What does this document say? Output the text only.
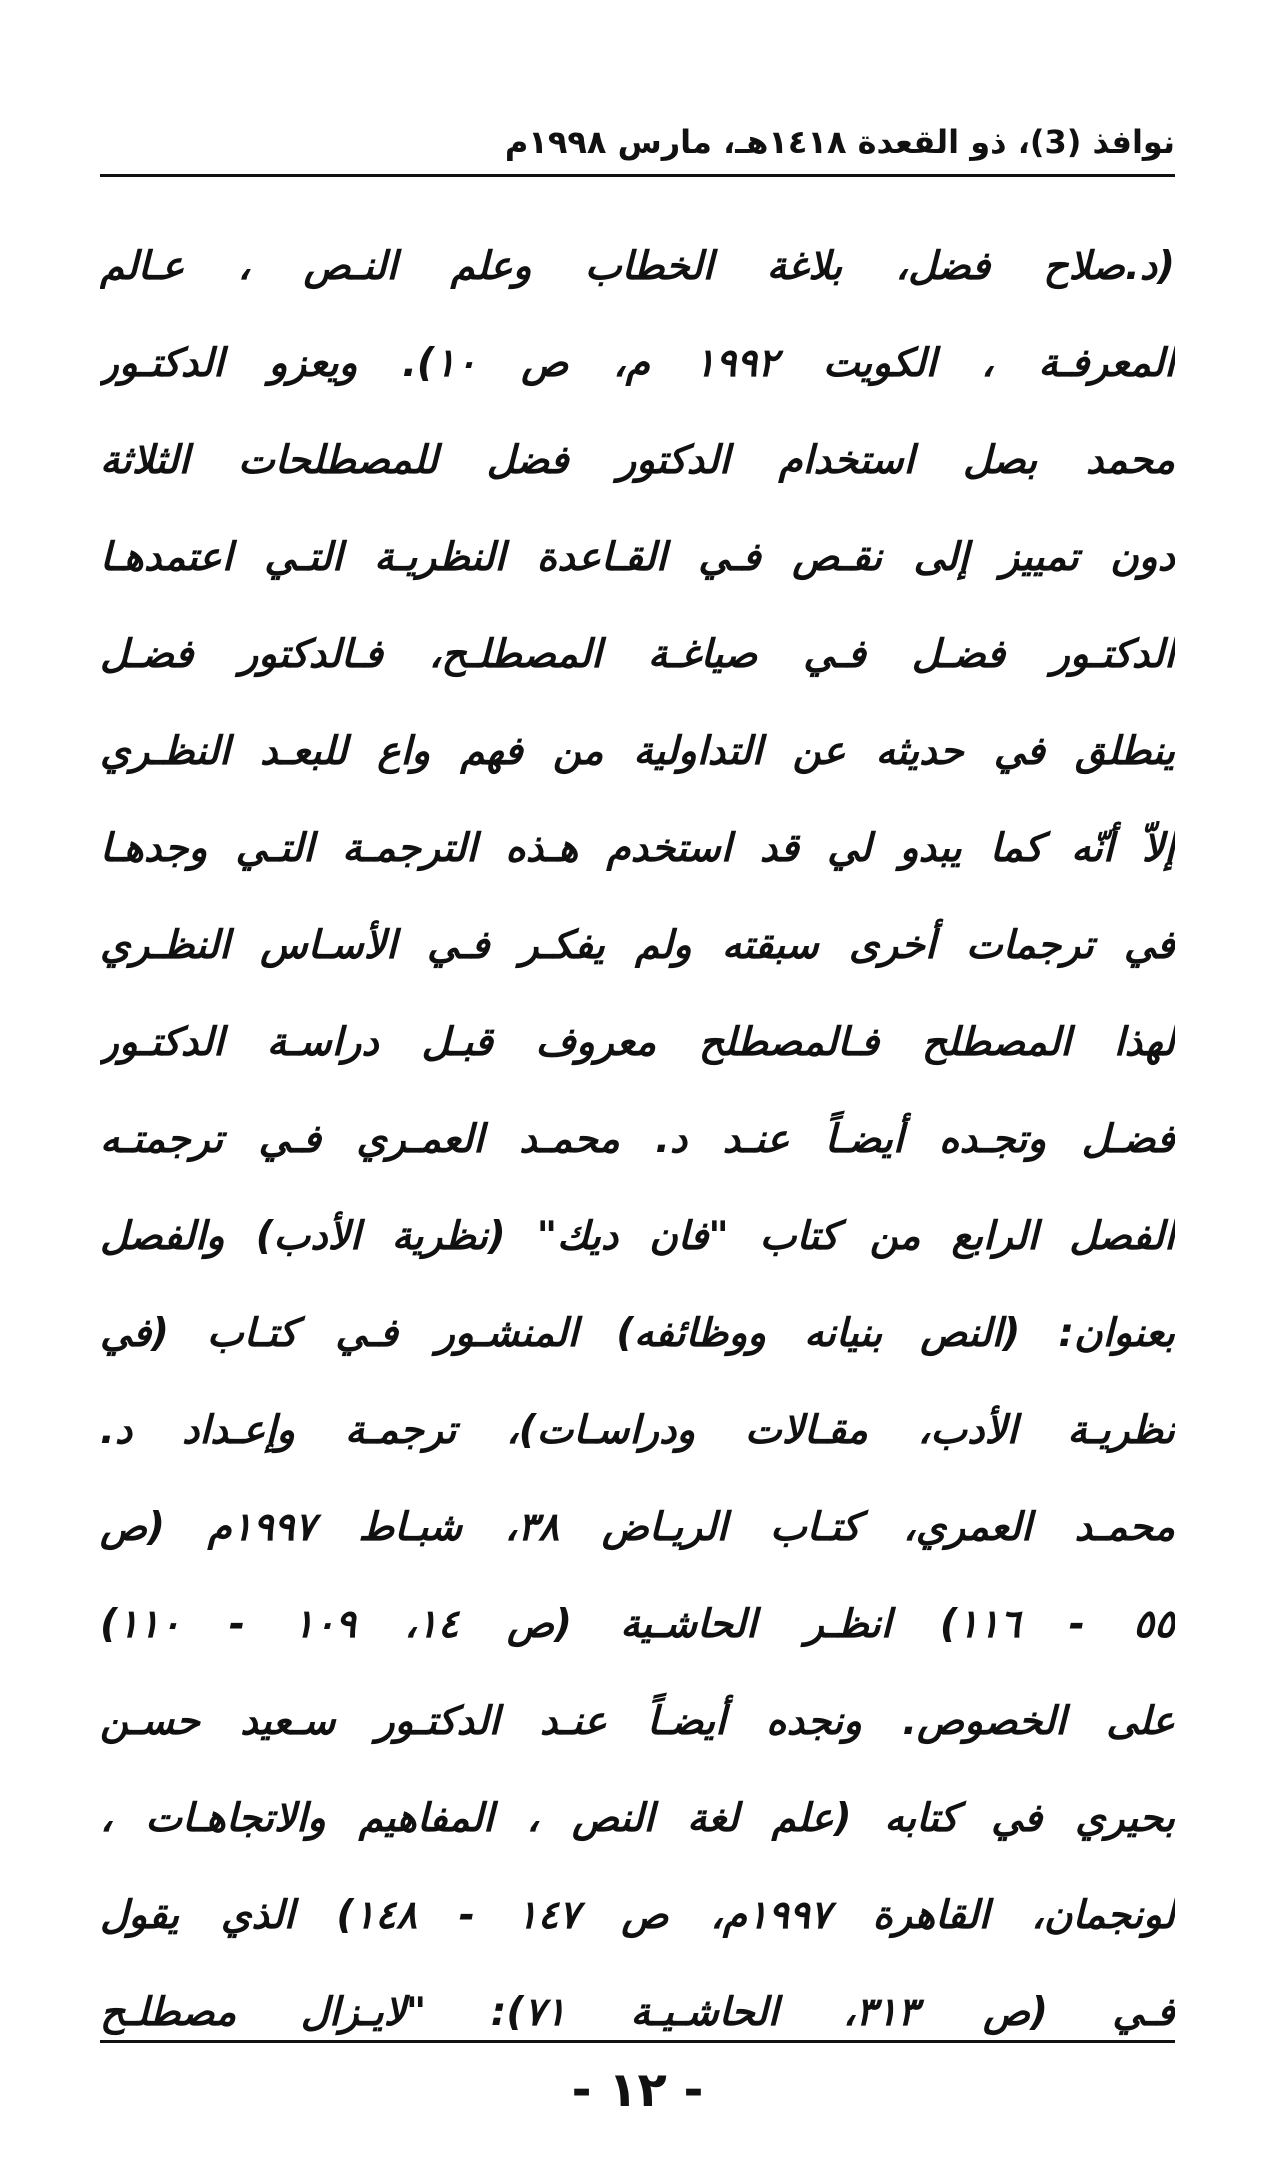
نوافذ (3)، ذو القعدة ١٤١٨هـ، مارس ١٩٩٨م
(د.صلاح فضل، بلاغة الخطاب وعلم النـص ، عـالم
المعرفـة ، الكويت ١٩٩٢ م، ص ١٠). ويعزو الدكتـور
محمد بصل استخدام الدكتور فضل للمصطلحات الثلاثة
دون تمييز إلى نقـص فـي القـاعدة النظريـة التـي اعتمدهـا
الدكتـور فضـل فـي صياغـة المصطلـح، فـالدكتور فضـل
ينطلق في حديثه عن التداولية من فهم واع للبعـد النظـري
إلاّ أنّه كما يبدو لي قد استخدم هـذه الترجمـة التـي وجدهـا
في ترجمات أخرى سبقته ولم يفكـر فـي الأسـاس النظـري
لهذا المصطلح فـالمصطلح معروف قبـل دراسـة الدكتـور
فضـل وتجـده أيضـاً عنـد د. محمـد العمـري فـي ترجمتـه
الفصل الرابع من كتاب "فان ديك" (نظرية الأدب) والفصل
بعنوان: (النص بنيانه ووظائفه) المنشـور فـي كتـاب (في
نظريـة الأدب، مقـالات ودراسـات)، ترجمـة وإعـداد د.
محمـد العمري، كتـاب الريـاض ٣٨، شبـاط ١٩٩٧م (ص
٥٥ - ١١٦) انظـر الحاشـية (ص ١٤، ١٠٩ - ١١٠)
على الخصوص. ونجده أيضـاً عنـد الدكتـور سـعيد حسـن
بحيري في كتابه (علم لغة النص ، المفاهيم والاتجاهـات ،
لونجمان، القاهرة ١٩٩٧م، ص ١٤٧ - ١٤٨) الذي يقول
فـي (ص ٣١٣، الحاشـيـة ٧١): "لايـزال مصطلـح
- ١٢ -
